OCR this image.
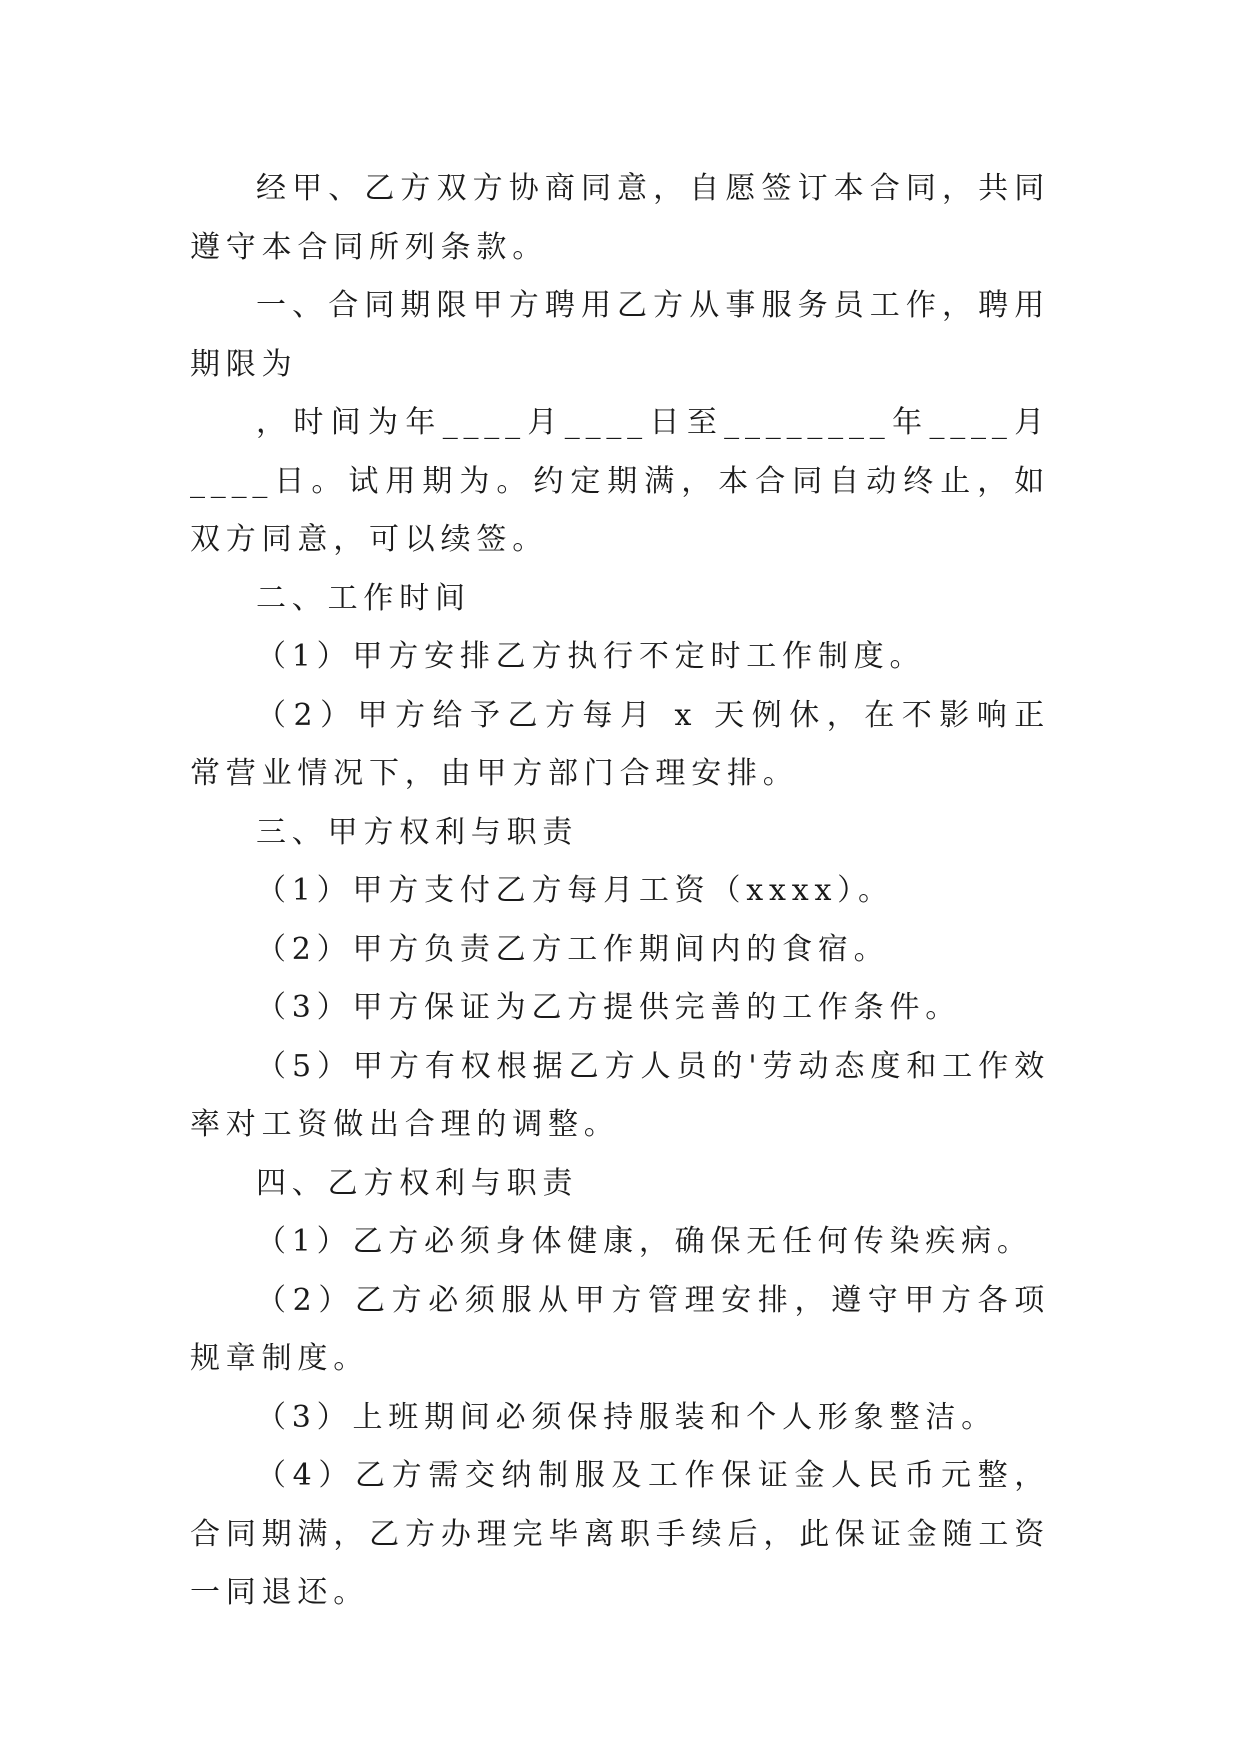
经甲、乙方双方协商同意，自愿签订本合同，共同遵守本合同所列条款。

一、合同期限甲方聘用乙方从事服务员工作，聘用期限为

，时间为年____月____日至________年____月____日。试用期为。约定期满，本合同自动终止，如双方同意，可以续签。

二、工作时间

（1）甲方安排乙方执行不定时工作制度。

（2）甲方给予乙方每月 x 天例休，在不影响正常营业情况下，由甲方部门合理安排。

三、甲方权利与职责

（1）甲方支付乙方每月工资（xxxx）。

（2）甲方负责乙方工作期间内的食宿。

（3）甲方保证为乙方提供完善的工作条件。

（5）甲方有权根据乙方人员的'劳动态度和工作效率对工资做出合理的调整。

四、乙方权利与职责

（1）乙方必须身体健康，确保无任何传染疾病。

（2）乙方必须服从甲方管理安排，遵守甲方各项规章制度。

（3）上班期间必须保持服装和个人形象整洁。

（4）乙方需交纳制服及工作保证金人民币元整，合同期满，乙方办理完毕离职手续后，此保证金随工资一同退还。
